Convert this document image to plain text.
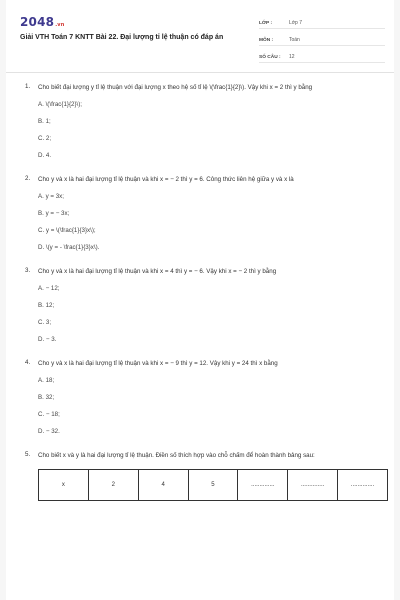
2048.vn
Giải VTH Toán 7 KNTT Bài 22. Đại lượng tỉ lệ thuận có đáp án
LỚP :	Lớp 7
MÔN :	Toán
SỐ CÂU :	12
1. Cho biết đại lượng y tỉ lệ thuận với đại lượng x theo hệ số tỉ lệ \(\frac{1}{2}\). Vậy khi x = 2 thì y bằng
A. \(\frac{1}{2}\);
B. 1;
C. 2;
D. 4.
2. Cho y và x là hai đại lượng tỉ lệ thuận và khi x = − 2 thì y = 6. Công thức liên hệ giữa y và x là
A. y = 3x;
B. y = − 3x;
C. y = \(\frac{1}{3}x\);
D. \(y = - \frac{1}{3}x\).
3. Cho y và x là hai đại lượng tỉ lệ thuận và khi x = 4 thì y = − 6. Vậy khi x = − 2 thì y bằng
A. − 12;
B. 12;
C. 3;
D. − 3.
4. Cho y và x là hai đại lượng tỉ lệ thuận và khi x = − 9 thì y = 12. Vậy khi y = 24 thì x bằng
A. 18;
B. 32;
C. − 18;
D. − 32.
5. Cho biết x và y là hai đại lượng tỉ lệ thuận. Điền số thích hợp vào chỗ chấm để hoàn thành bảng sau:
x	2	4	5	..............	..............	..............
